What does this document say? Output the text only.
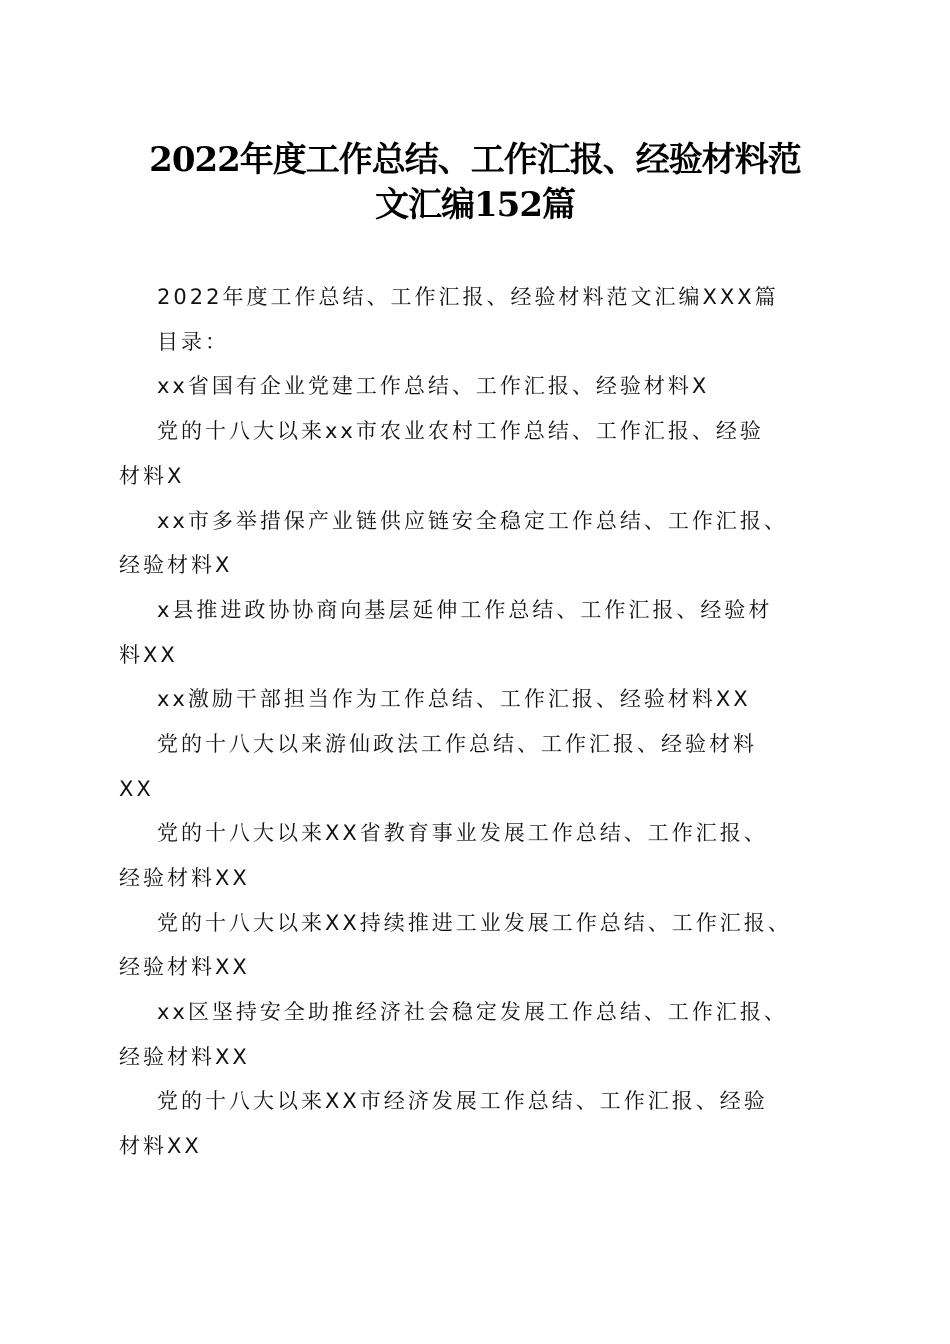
2022年度工作总结、工作汇报、经验材料范
文汇编152篇
2022年度工作总结、工作汇报、经验材料范文汇编XXX篇
目录：
xx省国有企业党建工作总结、工作汇报、经验材料X
党的十八大以来xx市农业农村工作总结、工作汇报、经验
材料X
xx市多举措保产业链供应链安全稳定工作总结、工作汇报、
经验材料X
x县推进政协协商向基层延伸工作总结、工作汇报、经验材
料XX
xx激励干部担当作为工作总结、工作汇报、经验材料XX
党的十八大以来游仙政法工作总结、工作汇报、经验材料
XX
党的十八大以来XX省教育事业发展工作总结、工作汇报、
经验材料XX
党的十八大以来XX持续推进工业发展工作总结、工作汇报、
经验材料XX
xx区坚持安全助推经济社会稳定发展工作总结、工作汇报、
经验材料XX
党的十八大以来XX市经济发展工作总结、工作汇报、经验
材料XX
